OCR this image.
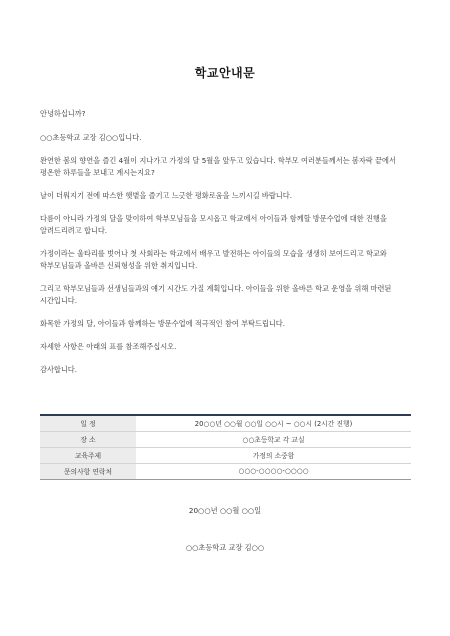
학교안내문

안녕하십니까?

○○초등학교 교장 김○○입니다.

완연한 봄의 향연을 즐긴 4월이 지나가고 가정의 달 5월을 앞두고 있습니다. 학부모 여러분들께서는 봄자락 끝에서 평온한 하루들을 보내고 계시는지요?

날이 더워지기 전에 따스한 햇볕을 즐기고 느긋한 평화로움을 느끼시길 바랍니다.

다름이 아니라 가정의 달을 맞이하여 학부모님들을 모시옵고 학교에서 아이들과 함께할 방문수업에 대한 진행을 알려드리려고 합니다.

가정이라는 울타리를 벗어나 첫 사회라는 학교에서 배우고 발전하는 아이들의 모습을 생생히 보여드리고 학교와 학부모님들과 올바른 신뢰형성을 위한 취지입니다.

그리고 학부모님들과 선생님들과의 얘기 시간도 가질 계획입니다. 아이들을 위한 올바른 학교 운영을 위해 마련된 시간입니다.

화목한 가정의 달, 아이들과 함께하는 방문수업에 적극적인 참여 부탁드립니다.

자세한 사항은 아래의 표를 참조해주십시오.

감사합니다.

일 정	20○○년 ○○월 ○○일 ○○시 ~ ○○시 (2시간 진행)
장 소	○○초등학교 각 교실
교육주제	가정의 소중함
문의사항 연락처	○○○-○○○○-○○○○
20○○년 ○○월 ○○일
○○초등학교 교장 김○○
